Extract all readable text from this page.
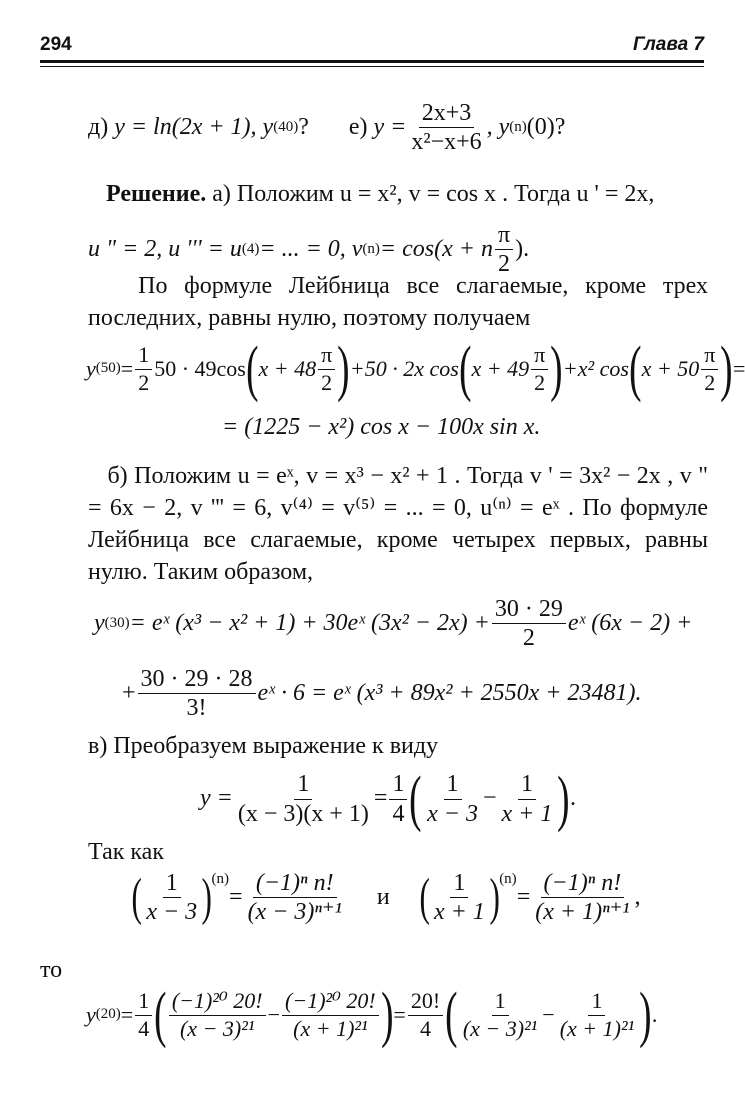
294	Глава 7
д)
y = ln(2x + 1), y (40) ? е)
$y = \frac{2x+3}{\text{x²−x+6}}$ , y (n) (0)?
Решение. а) Положим u = x², v = cos x . Тогда u ' = 2x,
u " = 2, u ''' = u (4) = ... = 0, v (n) = cos(x + n $\frac{\pi}{2}$ ).
По формуле Лейбница все слагаемые, кроме трех последних, равны нулю, поэтому получаем
y $(50) = \frac{1}{2} 50 \cdot 49\cos$ ( $x + 48 \frac{\pi}{2}$ ) +50 · 2x cos ( $x + 49 \frac{\pi}{2}$ ) +x² cos ( $x + 50 \frac{\pi}{2}$ ) =
= (1225 − x²) cos x − 100x sin x.
б) Положим u = eˣ, v = x³ − x² + 1 . Тогда v ' = 3x² − 2x , v " = 6x − 2, v ''' = 6, v⁽⁴⁾ = v⁽⁵⁾ = ... = 0, u⁽ⁿ⁾ = eˣ . По формуле Лейбница все слагаемые, кроме четырех первых, равны нулю. Таким образом,
y (30) = eˣ (x³ − x² + 1) + 30eˣ $(3x^2 - 2x) + \frac{30 \cdot 29}{2}$ eˣ (6x − 2) +
+ $\frac{30 \cdot 29 \cdot 28}{3!}$ eˣ · 6 = eˣ (x³ + 89x² + 2550x + 23481).
в) Преобразуем выражение к виду
$y = \frac{1}{(x - 3)(x + 1)} = \frac{1}{4}$ ( $\frac{1}{x - 3} - \frac{1}{x + 1}$ ) .
Так как
( $\frac{1}{x - 3} )^{(n)}$
= $\frac{\text{(−1)ⁿ n!}}{\text{(x − 3)ⁿ⁺¹}}$ и ( $\frac{1}{x + 1} )^{(n)}$
= $\frac{\text{(−1)ⁿ n!}}{\text{(x + 1)ⁿ⁺¹}}$ ,
то
y $(20) = \frac{1}{4}$ ( $\frac{\text{(−1)²⁰ 20!}}{\text{(x − 3)²¹}} - \frac{\text{(−1)²⁰ 20!}}{\text{(x + 1)²¹}}$ ) = $\frac{20!}{4}$ ( $\frac{1}{\text{(x − 3)²¹}} - \frac{1}{\text{(x + 1)²¹}}$ ) .
